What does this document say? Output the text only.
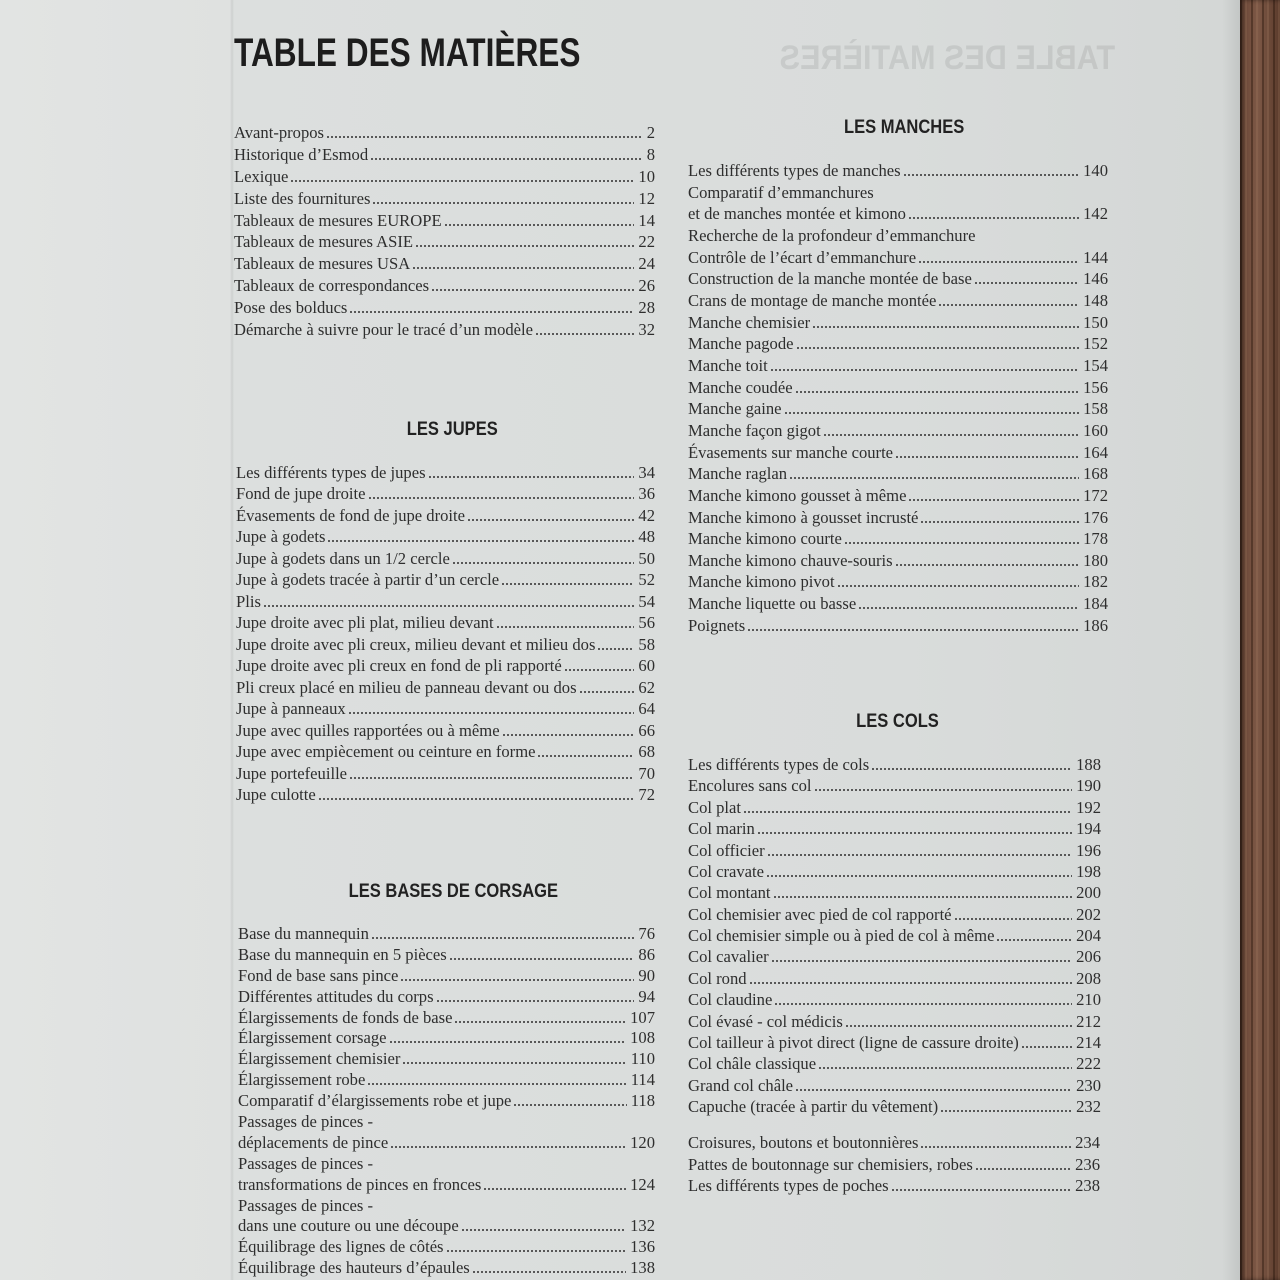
TABLE DES MATIÈRES
TABLE DES MATIÈRES
LES MANCHES
LES JUPES
LES COLS
LES BASES DE CORSAGE
Avant-propos	2
Historique d’Esmod	8
Lexique	10
Liste des fournitures	12
Tableaux de mesures EUROPE	14
Tableaux de mesures ASIE	22
Tableaux de mesures USA	24
Tableaux de correspondances	26
Pose des bolducs	28
Démarche à suivre pour le tracé d’un modèle	32
Les différents types de jupes	34
Fond de jupe droite	36
Évasements de fond de jupe droite	42
Jupe à godets	48
Jupe à godets dans un 1/2 cercle	50
Jupe à godets tracée à partir d’un cercle	52
Plis	54
Jupe droite avec pli plat, milieu devant	56
Jupe droite avec pli creux, milieu devant et milieu dos	58
Jupe droite avec pli creux en fond de pli rapporté	60
Pli creux placé en milieu de panneau devant ou dos	62
Jupe à panneaux	64
Jupe avec quilles rapportées ou à même	66
Jupe avec empiècement ou ceinture en forme	68
Jupe portefeuille	70
Jupe culotte	72
Base du mannequin	76
Base du mannequin en 5 pièces	86
Fond de base sans pince	90
Différentes attitudes du corps	94
Élargissements de fonds de base	107
Élargissement corsage	108
Élargissement chemisier	110
Élargissement robe	114
Comparatif d’élargissements robe et jupe	118
Passages de pinces -
déplacements de pince	120
Passages de pinces -
transformations de pinces en fronces	124
Passages de pinces -
dans une couture ou une découpe	132
Équilibrage des lignes de côtés	136
Équilibrage des hauteurs d’épaules	138
Les différents types de manches	140
Comparatif d’emmanchures
et de manches montée et kimono	142
Recherche de la profondeur d’emmanchure
Contrôle de l’écart d’emmanchure	144
Construction de la manche montée de base	146
Crans de montage de manche montée	148
Manche chemisier	150
Manche pagode	152
Manche toit	154
Manche coudée	156
Manche gaine	158
Manche façon gigot	160
Évasements sur manche courte	164
Manche raglan	168
Manche kimono gousset à même	172
Manche kimono à gousset incrusté	176
Manche kimono courte	178
Manche kimono chauve-souris	180
Manche kimono pivot	182
Manche liquette ou basse	184
Poignets	186
Les différents types de cols	188
Encolures sans col	190
Col plat	192
Col marin	194
Col officier	196
Col cravate	198
Col montant	200
Col chemisier avec pied de col rapporté	202
Col chemisier simple ou à pied de col à même	204
Col cavalier	206
Col rond	208
Col claudine	210
Col évasé - col médicis	212
Col tailleur à pivot direct (ligne de cassure droite)	214
Col châle classique	222
Grand col châle	230
Capuche (tracée à partir du vêtement)	232
Croisures, boutons et boutonnières	234
Pattes de boutonnage sur chemisiers, robes	236
Les différents types de poches	238
